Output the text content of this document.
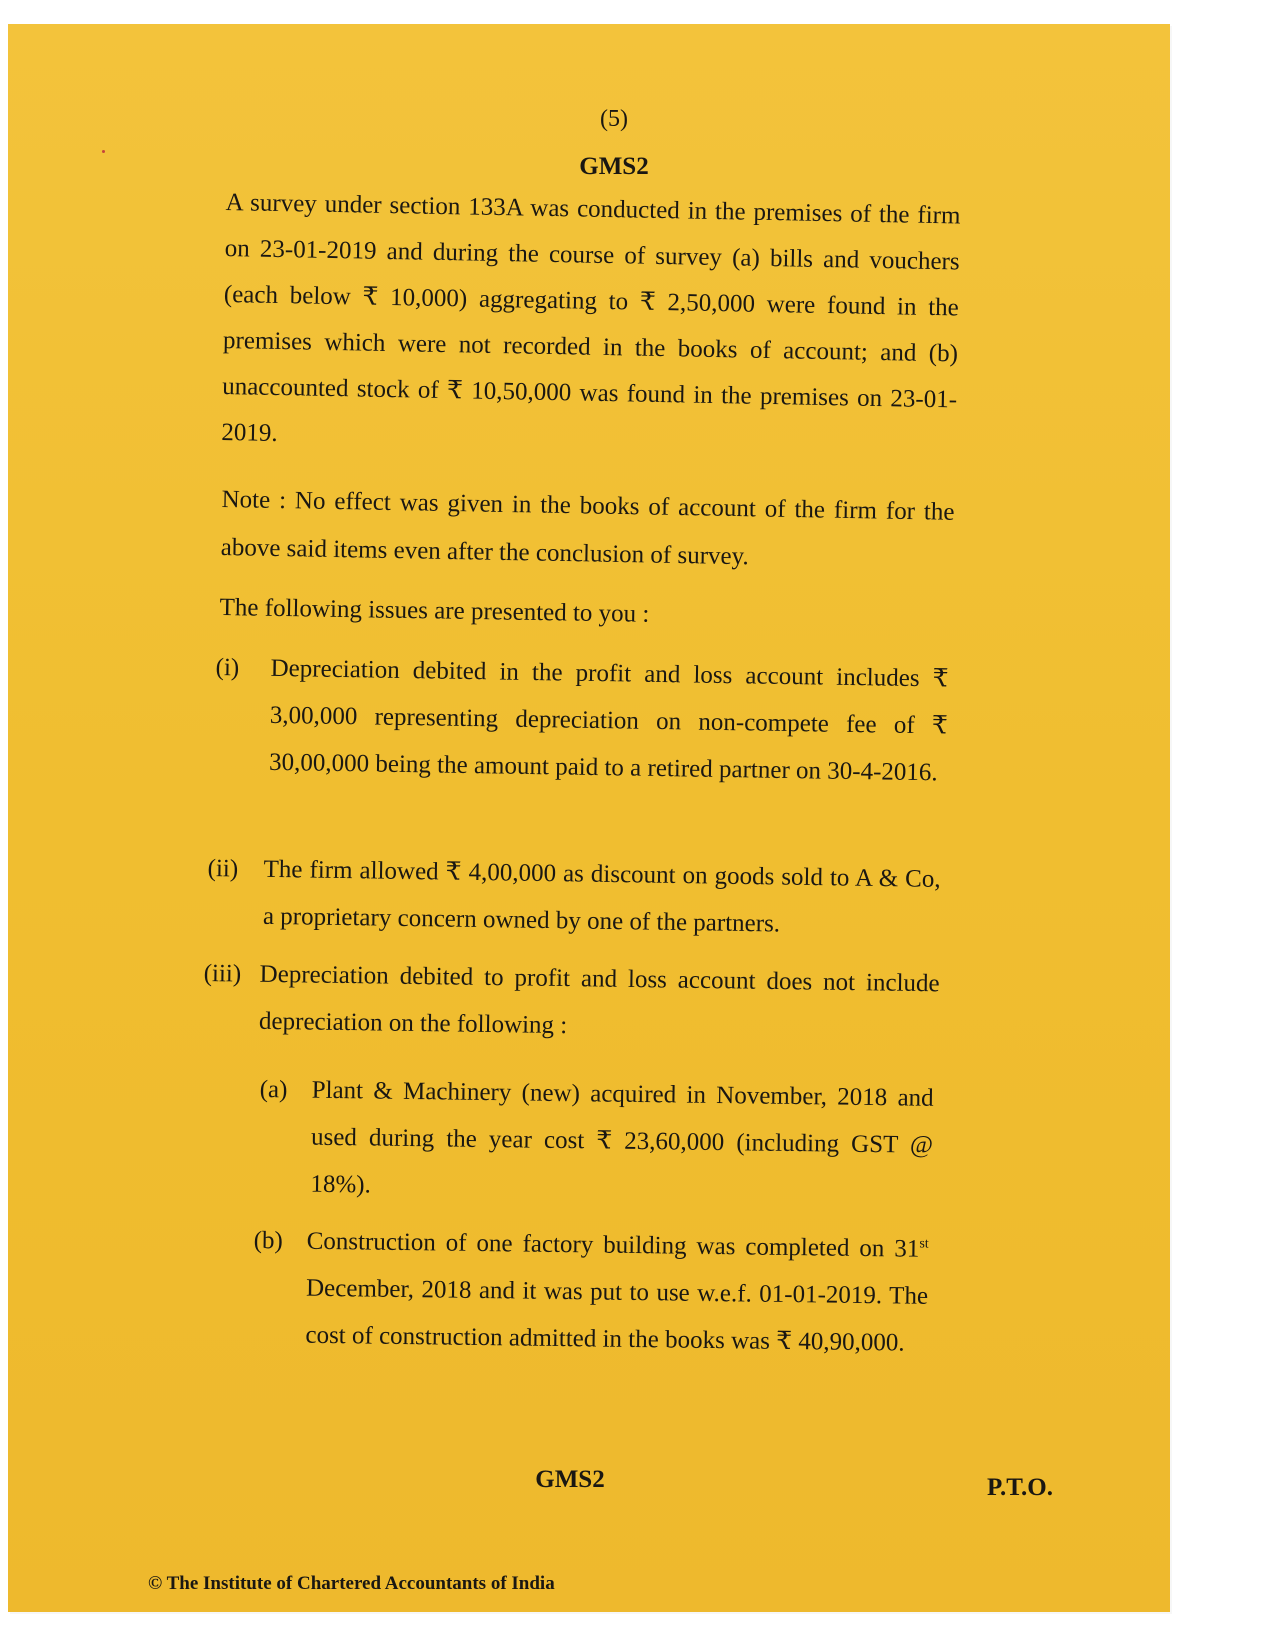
(5)
GMS2

A survey under section 133A was conducted in the premises of the firm on 23-01-2019 and during the course of survey (a) bills and vouchers (each below ₹ 10,000) aggregating to ₹ 2,50,000 were found in the premises which were not recorded in the books of account; and (b) unaccounted stock of ₹ 10,50,000 was found in the premises on 23-01-2019.

Note : No effect was given in the books of account of the firm for the above said items even after the conclusion of survey.

The following issues are presented to you :

(i) Depreciation debited in the profit and loss account includes ₹ 3,00,000 representing depreciation on non-compete fee of ₹ 30,00,000 being the amount paid to a retired partner on 30-4-2016.
(ii) The firm allowed ₹ 4,00,000 as discount on goods sold to A & Co, a proprietary concern owned by one of the partners.
(iii) Depreciation debited to profit and loss account does not include depreciation on the following :
(a) Plant & Machinery (new) acquired in November, 2018 and used during the year cost ₹ 23,60,000 (including GST @ 18%).
(b) Construction of one factory building was completed on 31st December, 2018 and it was put to use w.e.f. 01-01-2019. The cost of construction admitted in the books was ₹ 40,90,000.
GMS2	P.T.O.
© The Institute of Chartered Accountants of India
